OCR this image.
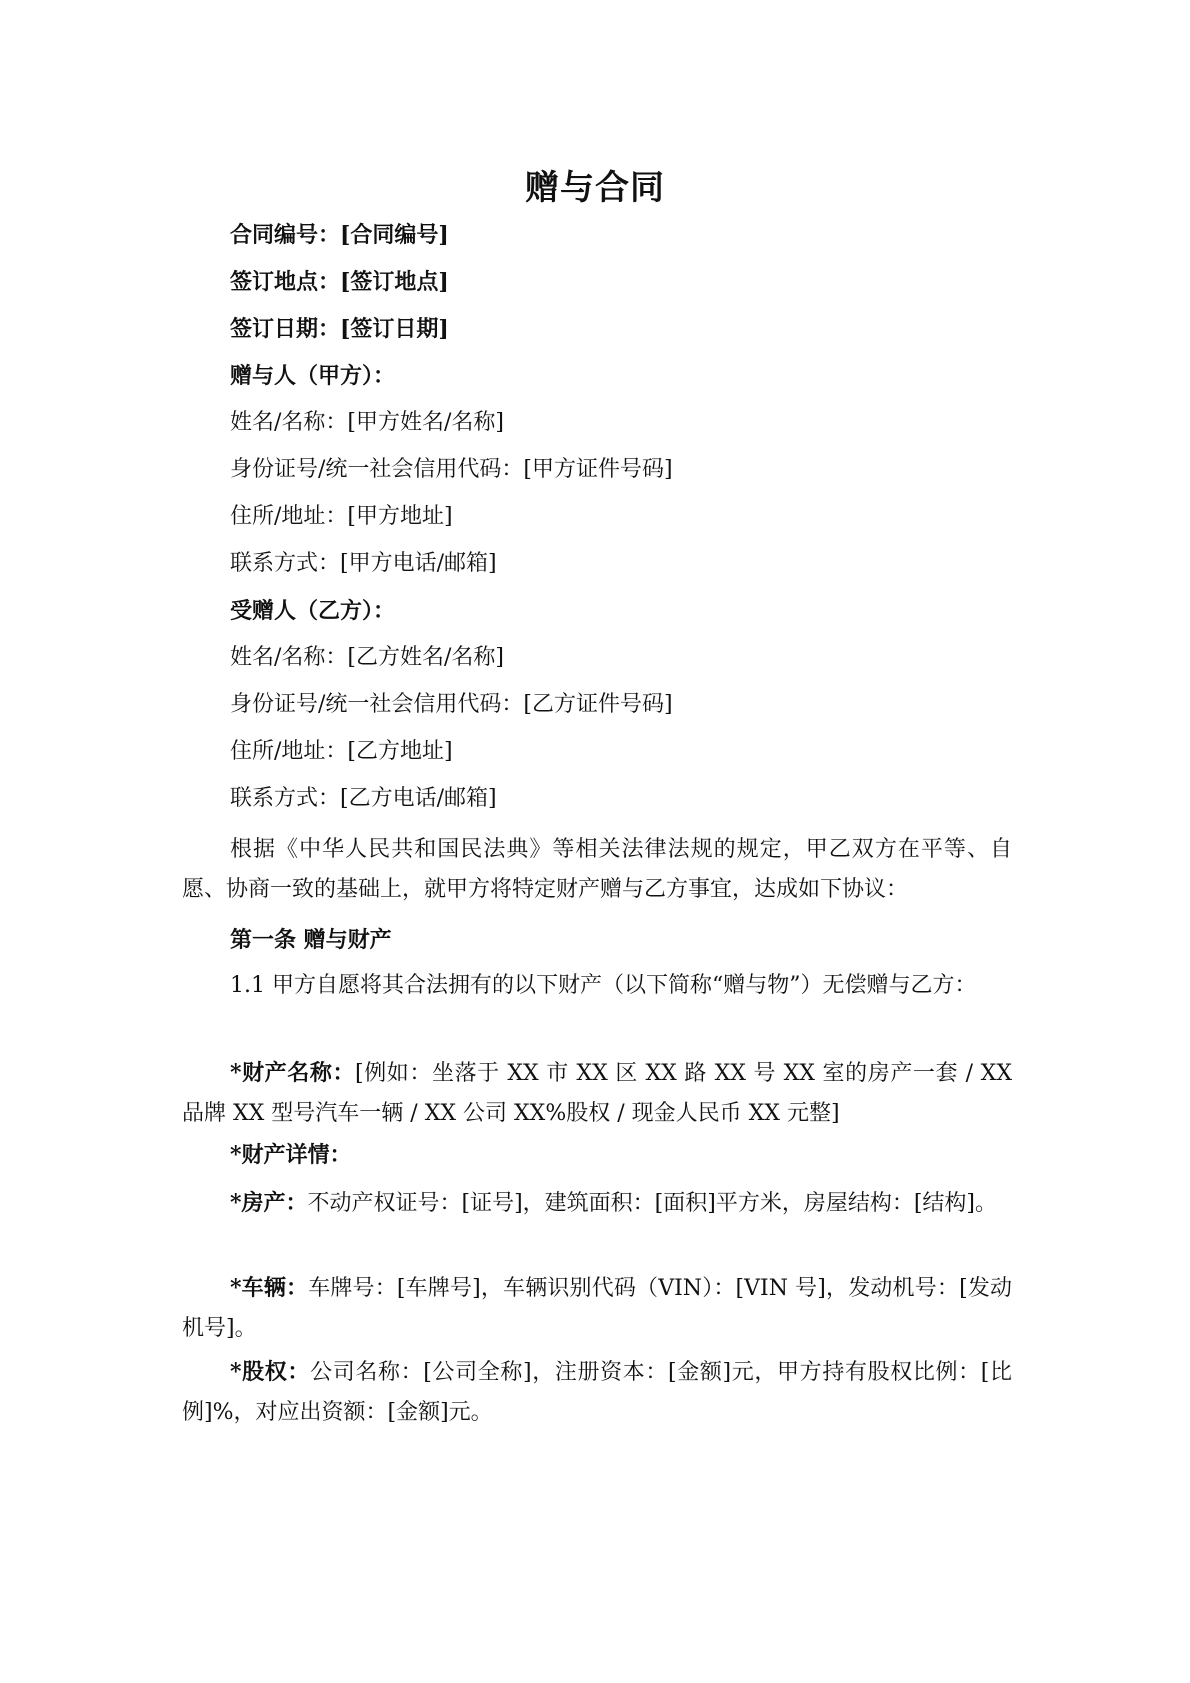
赠与合同
合同编号：[合同编号]
签订地点：[签订地点]
签订日期：[签订日期]
赠与人（甲方）：
姓名/名称：[甲方姓名/名称]
身份证号/统一社会信用代码：[甲方证件号码]
住所/地址：[甲方地址]
联系方式：[甲方电话/邮箱]
受赠人（乙方）：
姓名/名称：[乙方姓名/名称]
身份证号/统一社会信用代码：[乙方证件号码]
住所/地址：[乙方地址]
联系方式：[乙方电话/邮箱]
根据《中华人民共和国民法典》等相关法律法规的规定，甲乙双方在平等、自愿、协商一致的基础上，就甲方将特定财产赠与乙方事宜，达成如下协议：
第一条 赠与财产
1.1 甲方自愿将其合法拥有的以下财产（以下简称“赠与物”）无偿赠与乙方：
*财产名称：[例如：坐落于 XX 市 XX 区 XX 路 XX 号 XX 室的房产一套 / XX 品牌 XX 型号汽车一辆 / XX 公司 XX%股权 / 现金人民币 XX 元整]
*财产详情：
*房产：不动产权证号：[证号]，建筑面积：[面积]平方米，房屋结构：[结构]。
*车辆：车牌号：[车牌号]，车辆识别代码（VIN）：[VIN 号]，发动机号：[发动机号]。
*股权：公司名称：[公司全称]，注册资本：[金额]元，甲方持有股权比例：[比例]%，对应出资额：[金额]元。
